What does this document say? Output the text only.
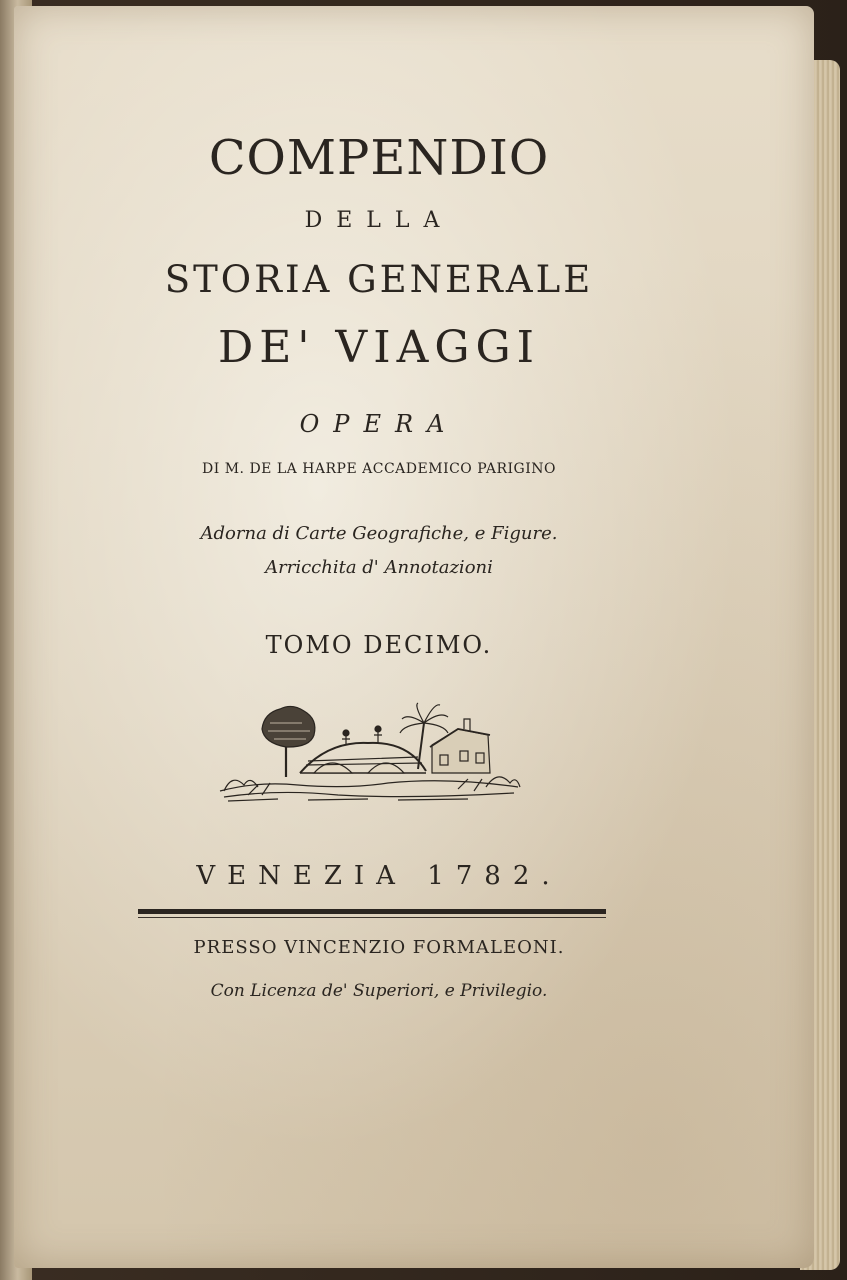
COMPENDIO
DELLA
STORIA GENERALE
DE' VIAGGI
OPERA
DI M. DE LA HARPE ACCADEMICO PARIGINO
Adorna di Carte Geografiche, e Figure.
Arricchita d' Annotazioni
TOMO DECIMO.
VENEZIA 1782.
PRESSO VINCENZIO FORMALEONI.
Con Licenza de' Superiori, e Privilegio.
